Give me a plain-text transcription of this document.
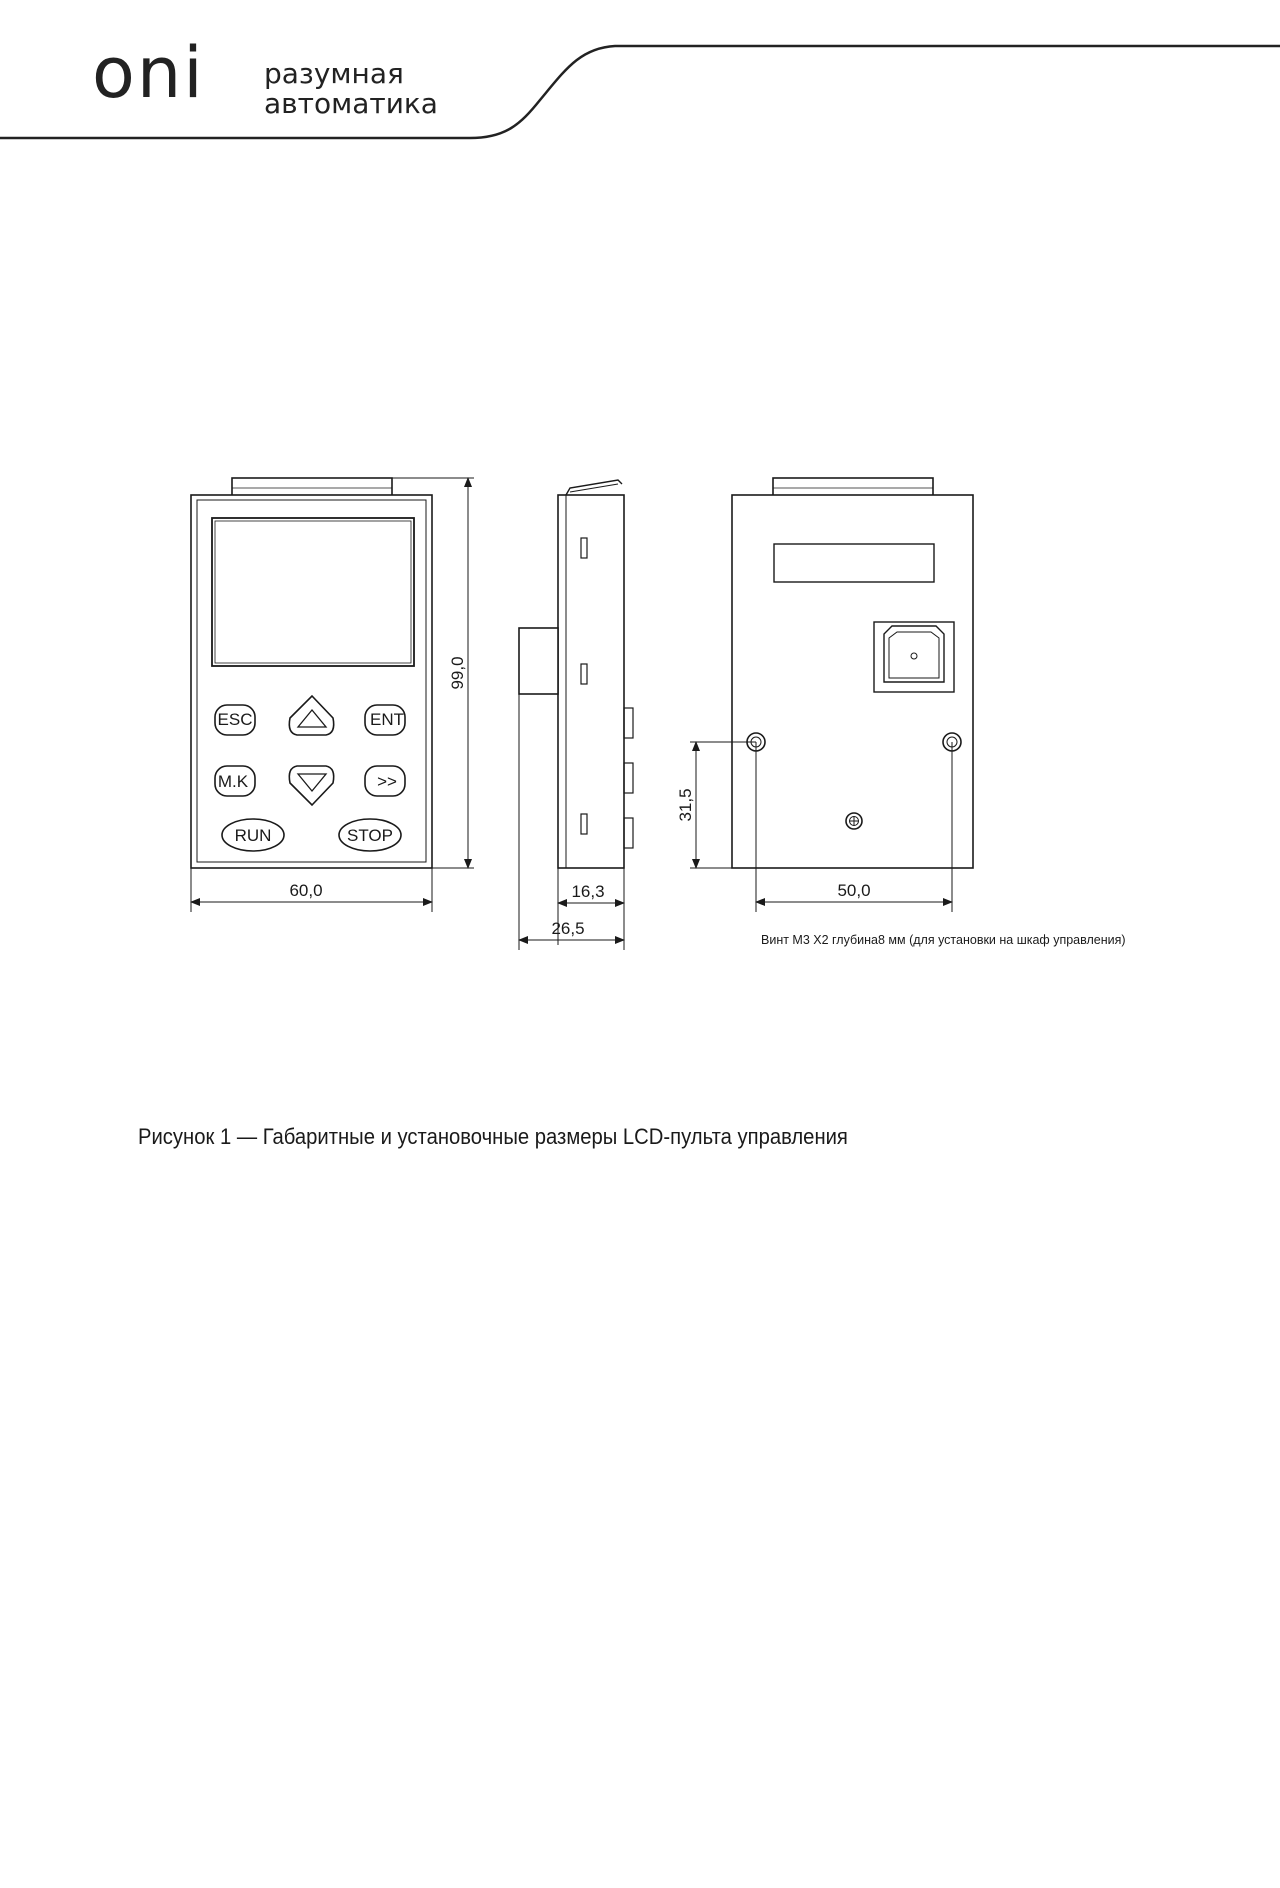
oni разумная
автоматика
ESC	ENT
M.K	>>
RUN	STOP
99,0
60,0	16,3
26,5
31,5
50,0
Винт М3 Х2 глубина8 мм (для установки на шкаф управления)
Рисунок 1 — Габаритные и установочные размеры LCD-пульта управления
